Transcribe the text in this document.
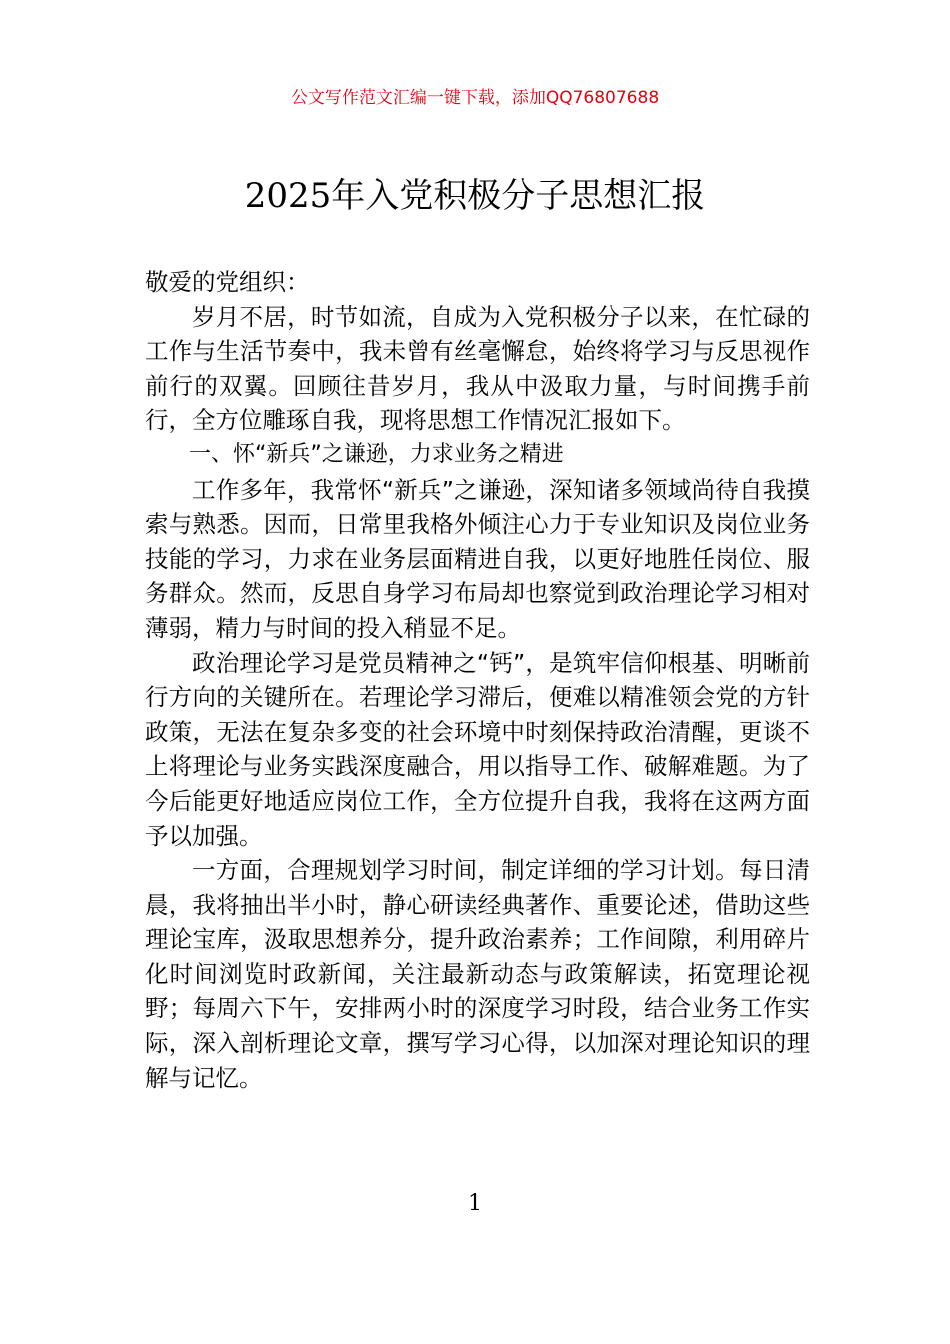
公文写作范文汇编一键下载，添加QQ76807688
2025年入党积极分子思想汇报

敬爱的党组织：

岁月不居，时节如流，自成为入党积极分子以来，在忙碌的工作与生活节奏中，我未曾有丝毫懈怠，始终将学习与反思视作前行的双翼。回顾往昔岁月，我从中汲取力量，与时间携手前行，全方位雕琢自我，现将思想工作情况汇报如下。

一、怀“新兵”之谦逊，力求业务之精进

工作多年，我常怀“新兵”之谦逊，深知诸多领域尚待自我摸索与熟悉。因而，日常里我格外倾注心力于专业知识及岗位业务技能的学习，力求在业务层面精进自我，以更好地胜任岗位、服务群众。然而，反思自身学习布局却也察觉到政治理论学习相对薄弱，精力与时间的投入稍显不足。

政治理论学习是党员精神之“钙”，是筑牢信仰根基、明晰前行方向的关键所在。若理论学习滞后，便难以精准领会党的方针政策，无法在复杂多变的社会环境中时刻保持政治清醒，更谈不上将理论与业务实践深度融合，用以指导工作、破解难题。为了今后能更好地适应岗位工作，全方位提升自我，我将在这两方面予以加强。

一方面，合理规划学习时间，制定详细的学习计划。每日清晨，我将抽出半小时，静心研读经典著作、重要论述，借助这些理论宝库，汲取思想养分，提升政治素养；工作间隙，利用碎片化时间浏览时政新闻，关注最新动态与政策解读，拓宽理论视野；每周六下午，安排两小时的深度学习时段，结合业务工作实际，深入剖析理论文章，撰写学习心得，以加深对理论知识的理解与记忆。

1
